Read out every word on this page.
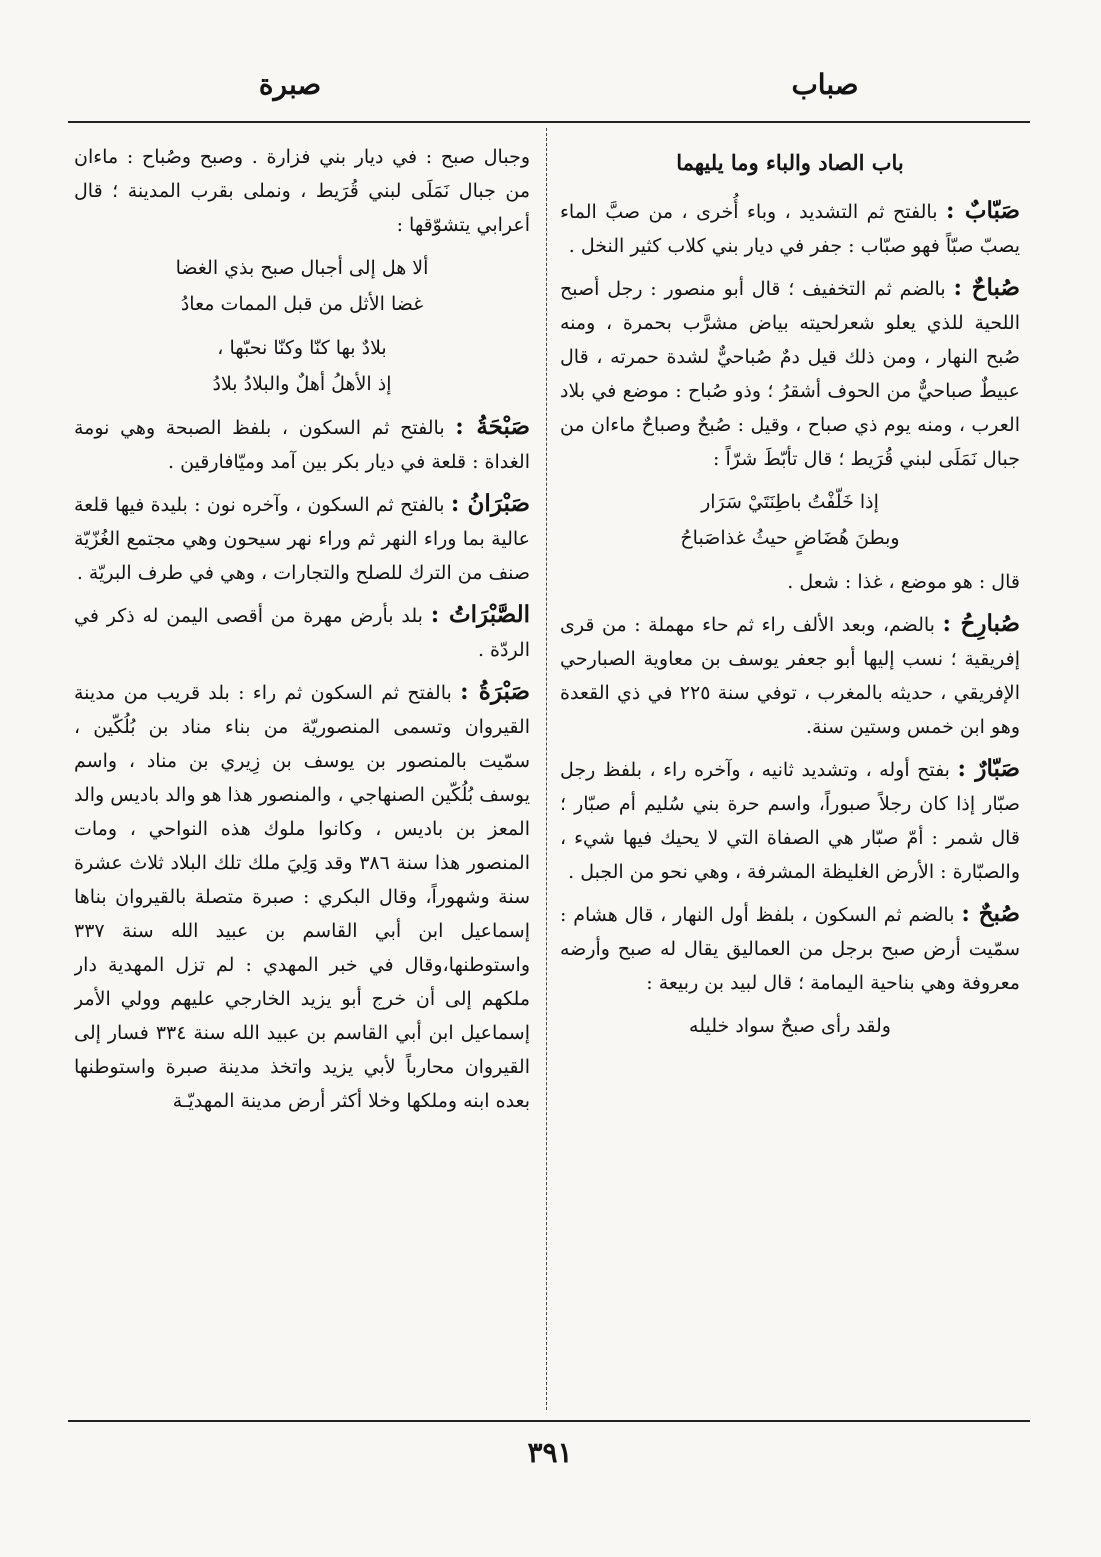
صباب
صبرة
باب الصاد والباء وما يليهما

صَبّابٌ : بالفتح ثم التشديد ، وباء أُخرى ، من صبَّ الماء يصبّ صبّاً فهو صبّاب : جفر في ديار بني كلاب كثير النخل .

صُباحٌ : بالضم ثم التخفيف ؛ قال أبو منصور : رجل أصبح اللحية للذي يعلو شعرلحيته بياض مشرَّب بحمرة ، ومنه صُبح النهار ، ومن ذلك قيل دمٌ صُباحيٌّ لشدة حمرته ، قال عبيطٌ صباحيٌّ من الحوف أشقرُ ؛ وذو صُباح : موضع في بلاد العرب ، ومنه يوم ذي صباح ، وقيل : صُبحٌ وصباحٌ ماءان من جبال نَمَلَى لبني قُرَيط ؛ قال تأبّطَ شرّاً :

إذا خَلّفْتُ باطِنَتَيْ سَرَار
وبطنَ هُضَاضٍ حيثُ غذاصَباحُ

قال : هو موضع ، غذا : شعل .

صُبارِحُ : بالضم، وبعد الألف راء ثم حاء مهملة : من قرى إفريقية ؛ نسب إليها أبو جعفر يوسف بن معاوية الصبارحي الإفريقي ، حديثه بالمغرب ، توفي سنة ٢٢٥ في ذي القعدة وهو ابن خمس وستين سنة.

صَبّارٌ : بفتح أوله ، وتشديد ثانيه ، وآخره راء ، بلفظ رجل صبّار إذا كان رجلاً صبوراً، واسم حرة بني سُليم أم صبّار ؛ قال شمر : أمّ صبّار هي الصفاة التي لا يحيك فيها شيء ، والصبّارة : الأرض الغليظة المشرفة ، وهي نحو من الجبل .

صُبحٌ : بالضم ثم السكون ، بلفظ أول النهار ، قال هشام : سمّيت أرض صبح برجل من العماليق يقال له صبح وأرضه معروفة وهي بناحية اليمامة ؛ قال لبيد بن ربيعة :

ولقد رأى صبحٌ سواد خليله

وجبال صبح : في ديار بني فزارة . وصبح وصُباح : ماءان من جبال نَمَلَى لبني قُرَيط ، ونملى بقرب المدينة ؛ قال أعرابي يتشوّقها :

ألا هل إلى أجبال صبح بذي الغضا
غضا الأثل من قبل الممات معادُ
بلادٌ بها كنّا وكنّا نحبّها ،
إذ الأهلُ أهلٌ والبلادُ بلادُ

صَبْحَةُ : بالفتح ثم السكون ، بلفظ الصبحة وهي نومة الغداة : قلعة في ديار بكر بين آمد وميّافارقين .

صَبْرَانُ : بالفتح ثم السكون ، وآخره نون : بليدة فيها قلعة عالية بما وراء النهر ثم وراء نهر سيحون وهي مجتمع الغُزّيّة صنف من الترك للصلح والتجارات ، وهي في طرف البريّة .

الصَّبْرَاتُ : بلد بأرض مهرة من أقصى اليمن له ذكر في الردّة .

صَبْرَةُ : بالفتح ثم السكون ثم راء : بلد قريب من مدينة القيروان وتسمى المنصوريّة من بناء مناد بن بُلُكّين ، سمّيت بالمنصور بن يوسف بن زِيري بن مناد ، واسم يوسف بُلُكّين الصنهاجي ، والمنصور هذا هو والد باديس والد المعز بن باديس ، وكانوا ملوك هذه النواحي ، ومات المنصور هذا سنة ٣٨٦ وقد وَلِيَ ملك تلك البلاد ثلاث عشرة سنة وشهوراً، وقال البكري : صبرة متصلة بالقيروان بناها إسماعيل ابن أبي القاسم بن عبيد الله سنة ٣٣٧ واستوطنها،وقال في خبر المهدي : لم تزل المهدية دار ملكهم إلى أن خرج أبو يزيد الخارجي عليهم وولي الأمر إسماعيل ابن أبي القاسم بن عبيد الله سنة ٣٣٤ فسار إلى القيروان محارباً لأبي يزيد واتخذ مدينة صبرة واستوطنها بعده ابنه وملكها وخلا أكثر أرض مدينة المهديّـة

٣٩١
